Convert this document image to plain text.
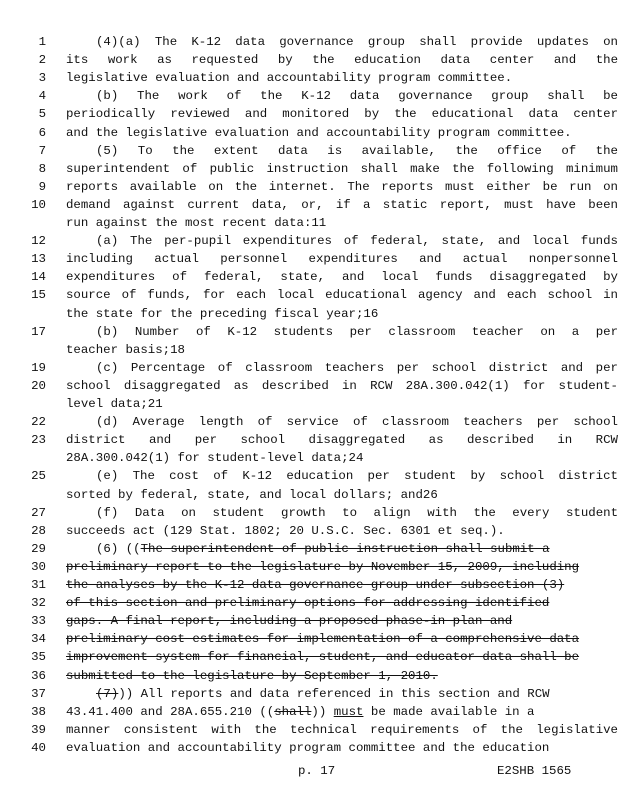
1	(4)(a) The K-12 data governance group shall provide updates on
2 its work as requested by the education data center and the
3 legislative evaluation and accountability program committee.
4	(b) The work of the K-12 data governance group shall be
5 periodically reviewed and monitored by the educational data center
6 and the legislative evaluation and accountability program committee.
7	(5) To the extent data is available, the office of the
8 superintendent of public instruction shall make the following minimum
9 reports available on the internet. The reports must either be run on
10 demand against current data, or, if a static report, must have been
run against the most recent data:11
12	(a) The per-pupil expenditures of federal, state, and local funds
13 including actual personnel expenditures and actual nonpersonnel
14 expenditures of federal, state, and local funds disaggregated by
15 source of funds, for each local educational agency and each school in
the state for the preceding fiscal year;16
17	(b) Number of K-12 students per classroom teacher on a per
teacher basis;18
19	(c) Percentage of classroom teachers per school district and per
20 school disaggregated as described in RCW 28A.300.042(1) for student-
level data;21
22	(d) Average length of service of classroom teachers per school
23 district and per school disaggregated as described in RCW
28A.300.042(1) for student-level data;24
25	(e) The cost of K-12 education per student by school district
sorted by federal, state, and local dollars; and26
27	(f) Data on student growth to align with the every student
28 succeeds act (129 Stat. 1802; 20 U.S.C. Sec. 6301 et seq.).
29	(6) ((The superintendent of public instruction shall submit a
30 preliminary report to the legislature by November 15, 2009, including
31 the analyses by the K-12 data governance group under subsection (3)
32 of this section and preliminary options for addressing identified
33 gaps. A final report, including a proposed phase-in plan and
34 preliminary cost estimates for implementation of a comprehensive data
35 improvement system for financial, student, and educator data shall be
36 submitted to the legislature by September 1, 2010.
37	(7))) All reports and data referenced in this section and RCW
38 43.41.400 and 28A.655.210 ((shall)) must be made available in a
39 manner consistent with the technical requirements of the legislative
40 evaluation and accountability program committee and the education
p. 17	E2SHB 1565
